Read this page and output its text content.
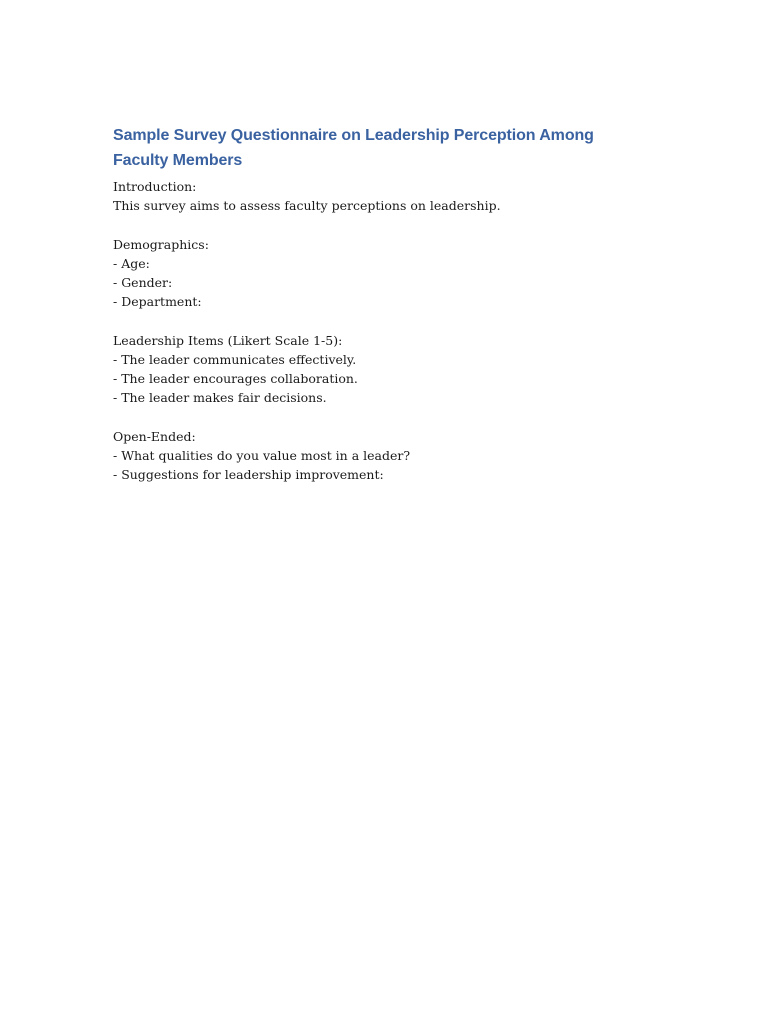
Sample Survey Questionnaire on Leadership Perception Among Faculty Members
Introduction:
This survey aims to assess faculty perceptions on leadership.
Demographics:
- Age:
- Gender:
- Department:
Leadership Items (Likert Scale 1-5):
- The leader communicates effectively.
- The leader encourages collaboration.
- The leader makes fair decisions.
Open-Ended:
- What qualities do you value most in a leader?
- Suggestions for leadership improvement:
